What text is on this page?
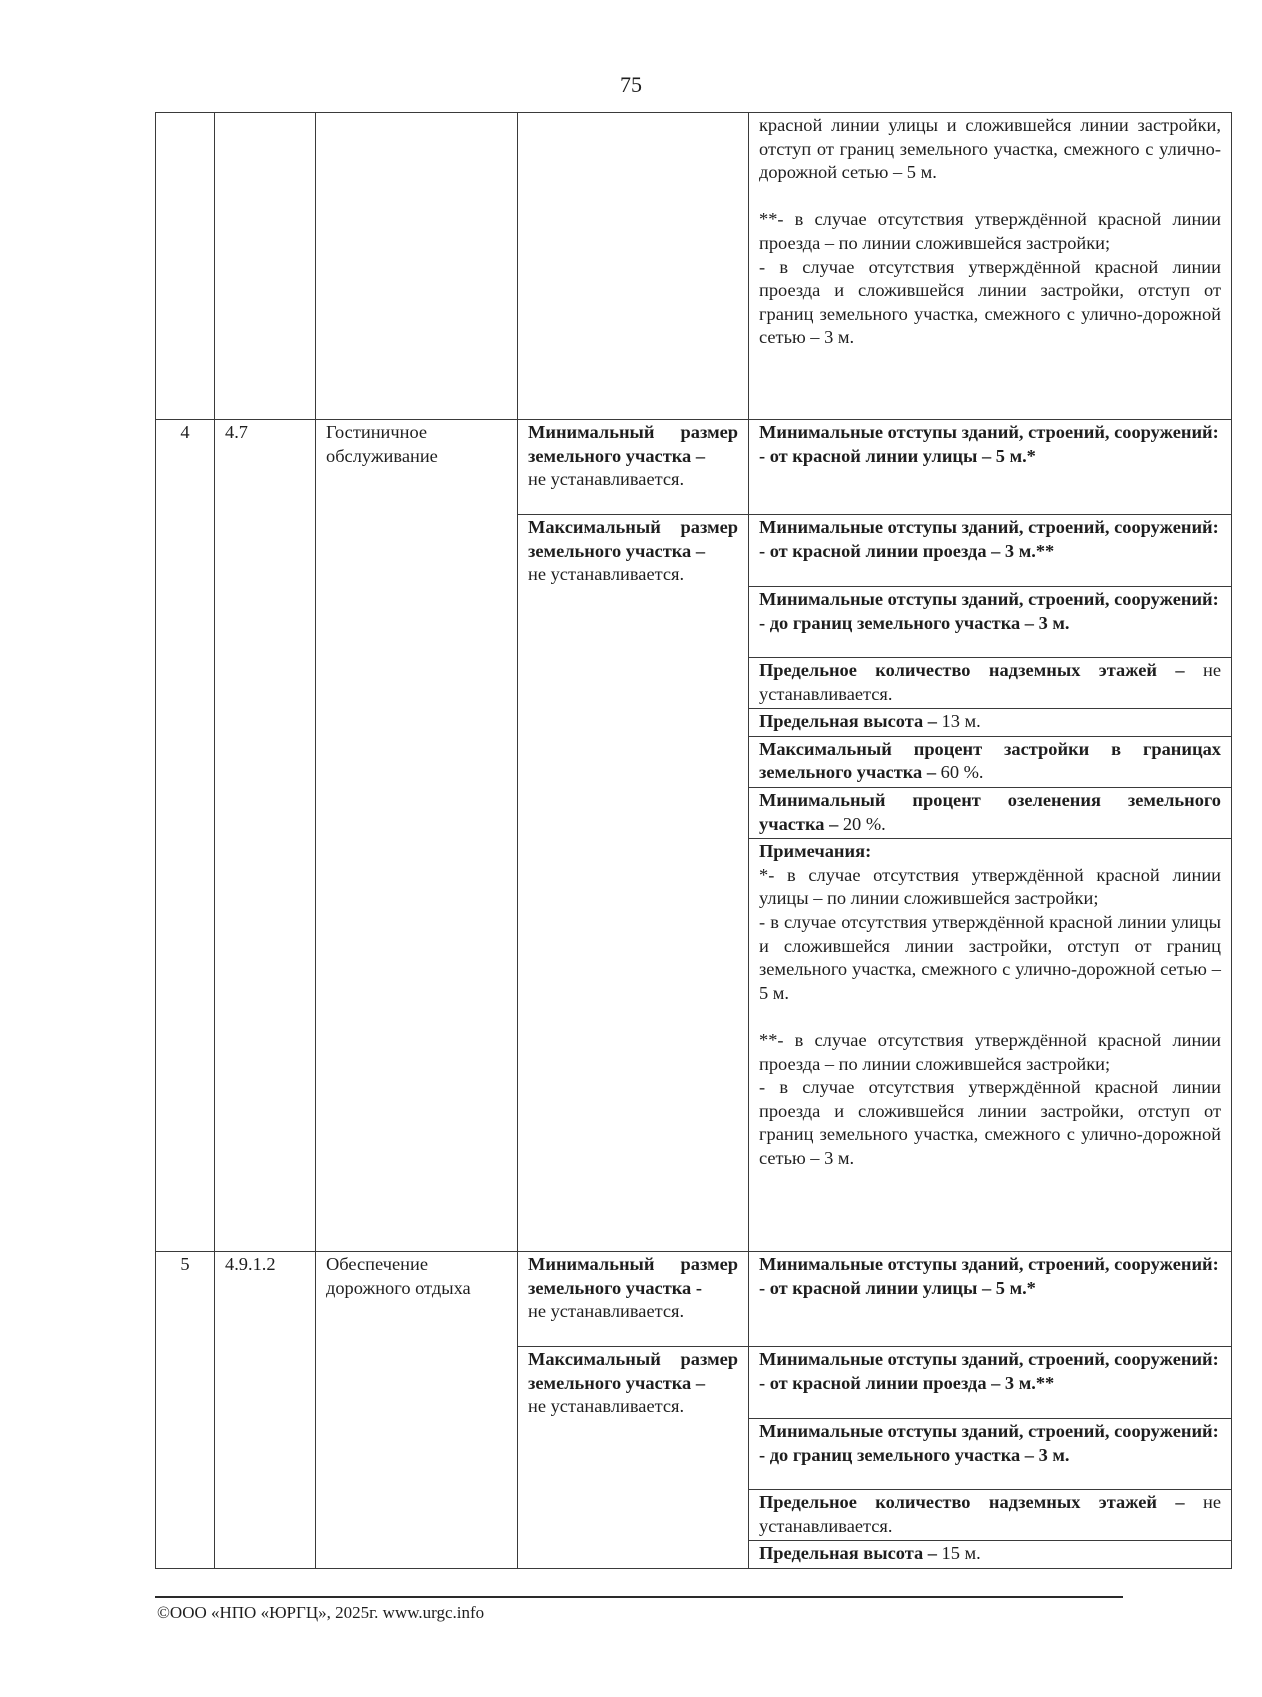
75

				красной линии улицы и сложившейся линии застройки, отступ от границ земельного участка, смежного с улично-дорожной сетью – 5 м.

**- в случае отсутствия утверждённой красной линии проезда – по линии сложившейся застройки;

- в случае отсутствия утверждённой красной линии проезда и сложившейся линии застройки, отступ от границ земельного участка, смежного с улично-дорожной сетью – 3 м.

4	4.7	Гостиничное обслуживание	Минимальный размер земельного участка –
не устанавливается.	Минимальные отступы зданий, строений, сооружений:
- от красной линии улицы – 5 м.*
			Максимальный размер земельного участка –
не устанавливается.	Минимальные отступы зданий, строений, сооружений:
- от красной линии проезда – 3 м.**
				Минимальные отступы зданий, строений, сооружений:
- до границ земельного участка – 3 м.
				Предельное количество надземных этажей – не устанавливается.
				Предельная высота – 13 м.
				Максимальный процент застройки в границах земельного участка – 60 %.
				Минимальный процент озеленения земельного участка – 20 %.

				Примечания:

*- в случае отсутствия утверждённой красной линии улицы – по линии сложившейся застройки;

- в случае отсутствия утверждённой красной линии улицы и сложившейся линии застройки, отступ от границ земельного участка, смежного с улично-дорожной сетью – 5 м.

**- в случае отсутствия утверждённой красной линии проезда – по линии сложившейся застройки;

- в случае отсутствия утверждённой красной линии проезда и сложившейся линии застройки, отступ от границ земельного участка, смежного с улично-дорожной сетью – 3 м.

5	4.9.1.2	Обеспечение дорожного отдыха	Минимальный размер земельного участка -
не устанавливается.	Минимальные отступы зданий, строений, сооружений:
- от красной линии улицы – 5 м.*
			Максимальный размер земельного участка –
не устанавливается.	Минимальные отступы зданий, строений, сооружений:
- от красной линии проезда – 3 м.**
				Минимальные отступы зданий, строений, сооружений:
- до границ земельного участка – 3 м.
				Предельное количество надземных этажей – не устанавливается.
				Предельная высота – 15 м.
©ООО «НПО «ЮРГЦ», 2025г. www.urgc.info
